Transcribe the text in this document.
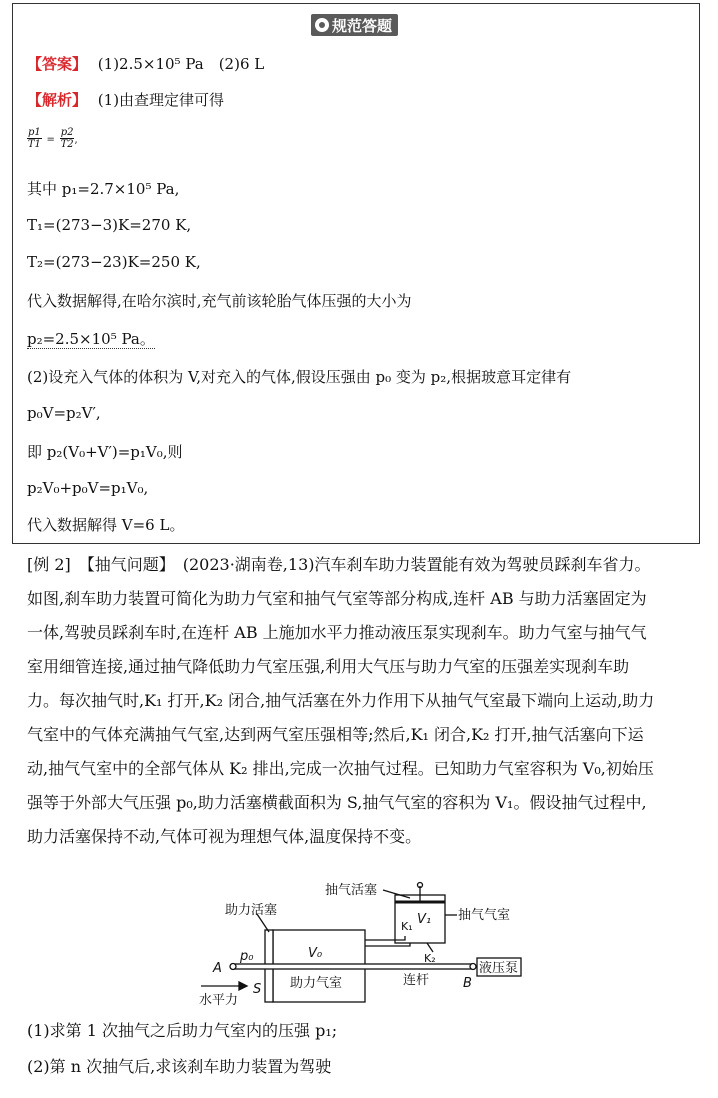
规范答题
【答案】 (1)2.5×10⁵ Pa　(2)6 L
【解析】 (1)由查理定律可得
$\frac{p1}{T1} = \frac{p2}{T2}$ ,
其中 p₁=2.7×10⁵ Pa,
T₁=(273−3)K=270 K,
T₂=(273−23)K=250 K,
代入数据解得,在哈尔滨时,充气前该轮胎气体压强的大小为
p₂=2.5×10⁵ Pa。
(2)设充入气体的体积为 V,对充入的气体,假设压强由 p₀ 变为 p₂,根据玻意耳定律有
p₀V=p₂V′,
即 p₂(V₀+V′)=p₁V₀,则
p₂V₀+p₀V=p₁V₀,
代入数据解得 V=6 L。

[例 2]　【抽气问题】　(2023·湖南卷,13)汽车刹车助力装置能有效为驾驶员踩刹车省力。

如图,刹车助力装置可简化为助力气室和抽气气室等部分构成,连杆 AB 与助力活塞固定为

一体,驾驶员踩刹车时,在连杆 AB 上施加水平力推动液压泵实现刹车。助力气室与抽气气

室用细管连接,通过抽气降低助力气室压强,利用大气压与助力气室的压强差实现刹车助

力。每次抽气时,K₁ 打开,K₂ 闭合,抽气活塞在外力作用下从抽气气室最下端向上运动,助力

气室中的气体充满抽气气室,达到两气室压强相等;然后,K₁ 闭合,K₂ 打开,抽气活塞向下运

动,抽气气室中的全部气体从 K₂ 排出,完成一次抽气过程。已知助力气室容积为 V₀,初始压

强等于外部大气压强 p₀,助力活塞横截面积为 S,抽气气室的容积为 V₁。假设抽气过程中,

助力活塞保持不动,气体可视为理想气体,温度保持不变。

抽气活塞
助力活塞	抽气气室
V₁
K₁
K₂
V₀
p₀
A
S 助力气室	连杆	B
液压泵
水平力
(1)求第 1 次抽气之后助力气室内的压强 p₁;
(2)第 n 次抽气后,求该刹车助力装置为驾驶
